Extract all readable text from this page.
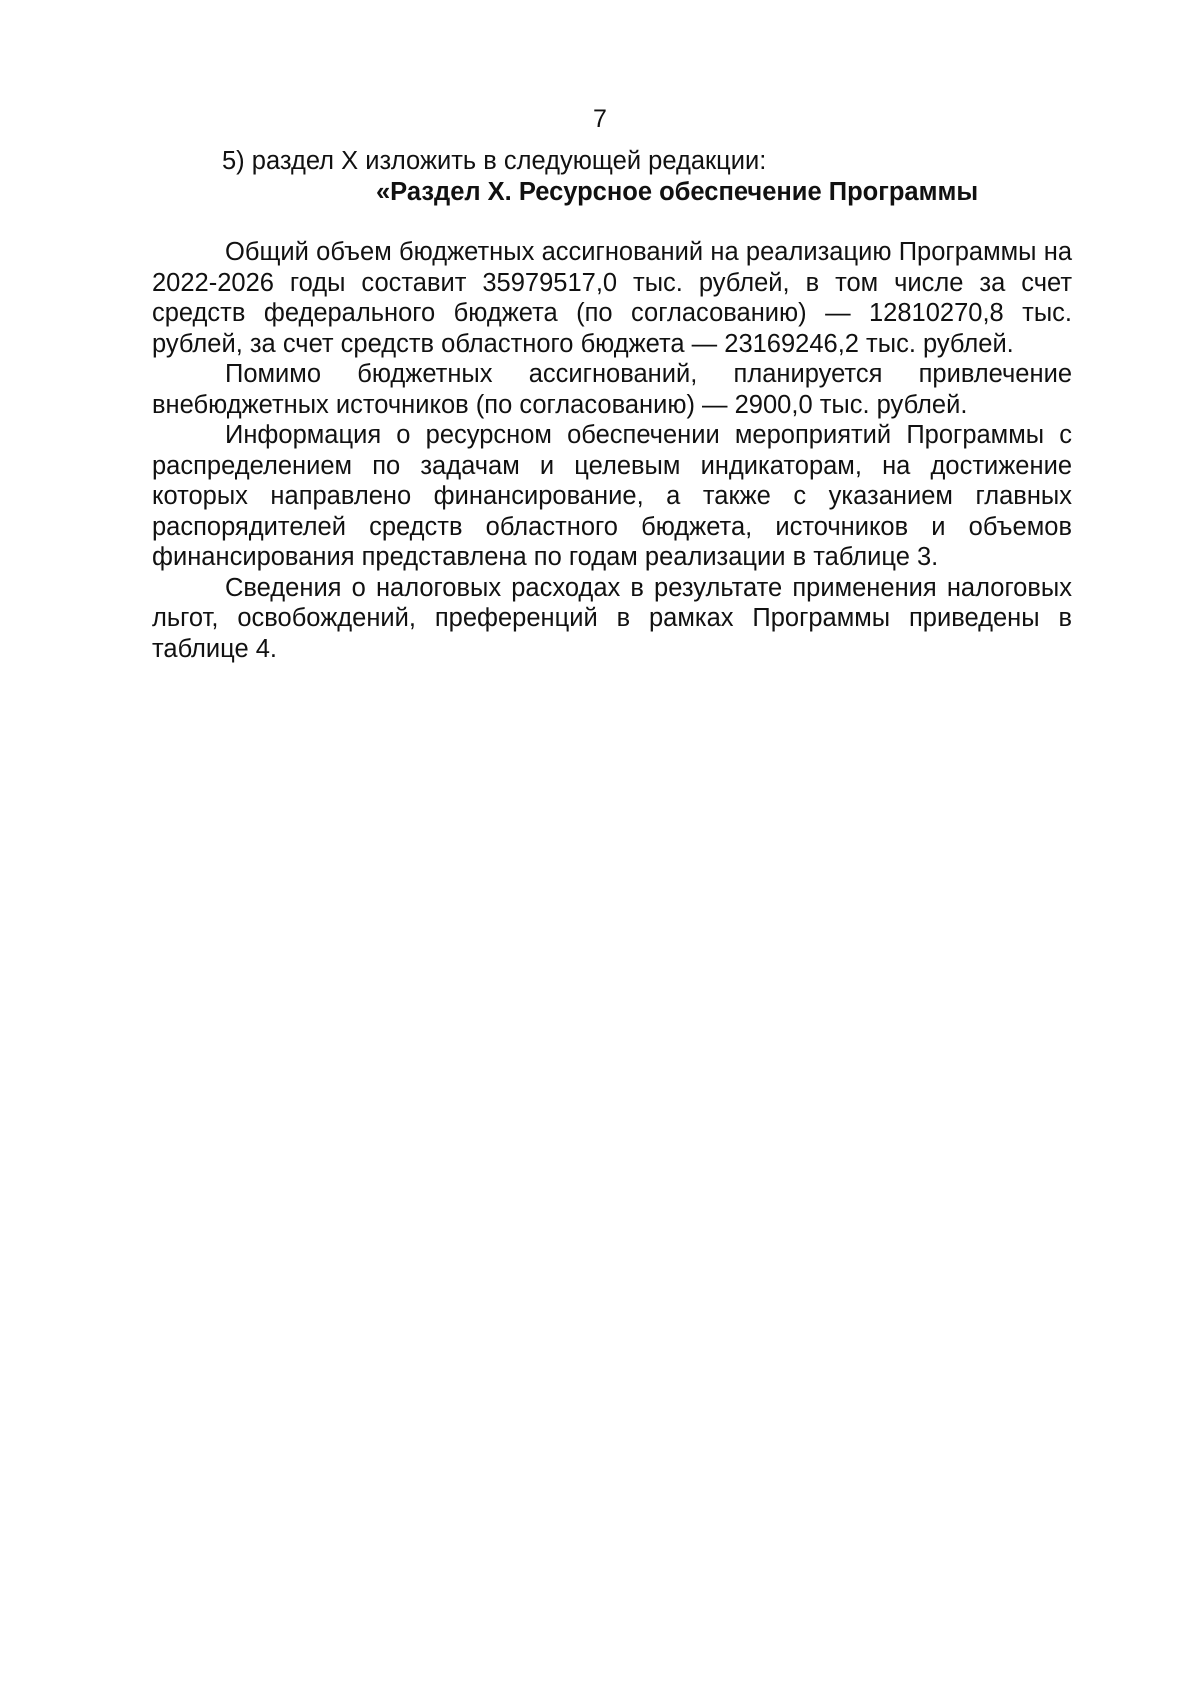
7

5) раздел X изложить в следующей редакции:

«Раздел X. Ресурсное обеспечение Программы

Общий объем бюджетных ассигнований на реализацию Программы на 2022-2026 годы составит 35979517,0 тыс. рублей, в том числе за счет средств федерального бюджета (по согласованию) — 12810270,8 тыс. рублей, за счет средств областного бюджета — 23169246,2 тыс. рублей.

Помимо бюджетных ассигнований, планируется привлечение внебюджетных источников (по согласованию) — 2900,0 тыс. рублей.

Информация о ресурсном обеспечении мероприятий Программы с распределением по задачам и целевым индикаторам, на достижение которых направлено финансирование, а также с указанием главных распорядителей средств областного бюджета, источников и объемов финансирования представлена по годам реализации в таблице 3.

Сведения о налоговых расходах в результате применения налоговых льгот, освобождений, преференций в рамках Программы приведены в таблице 4.
